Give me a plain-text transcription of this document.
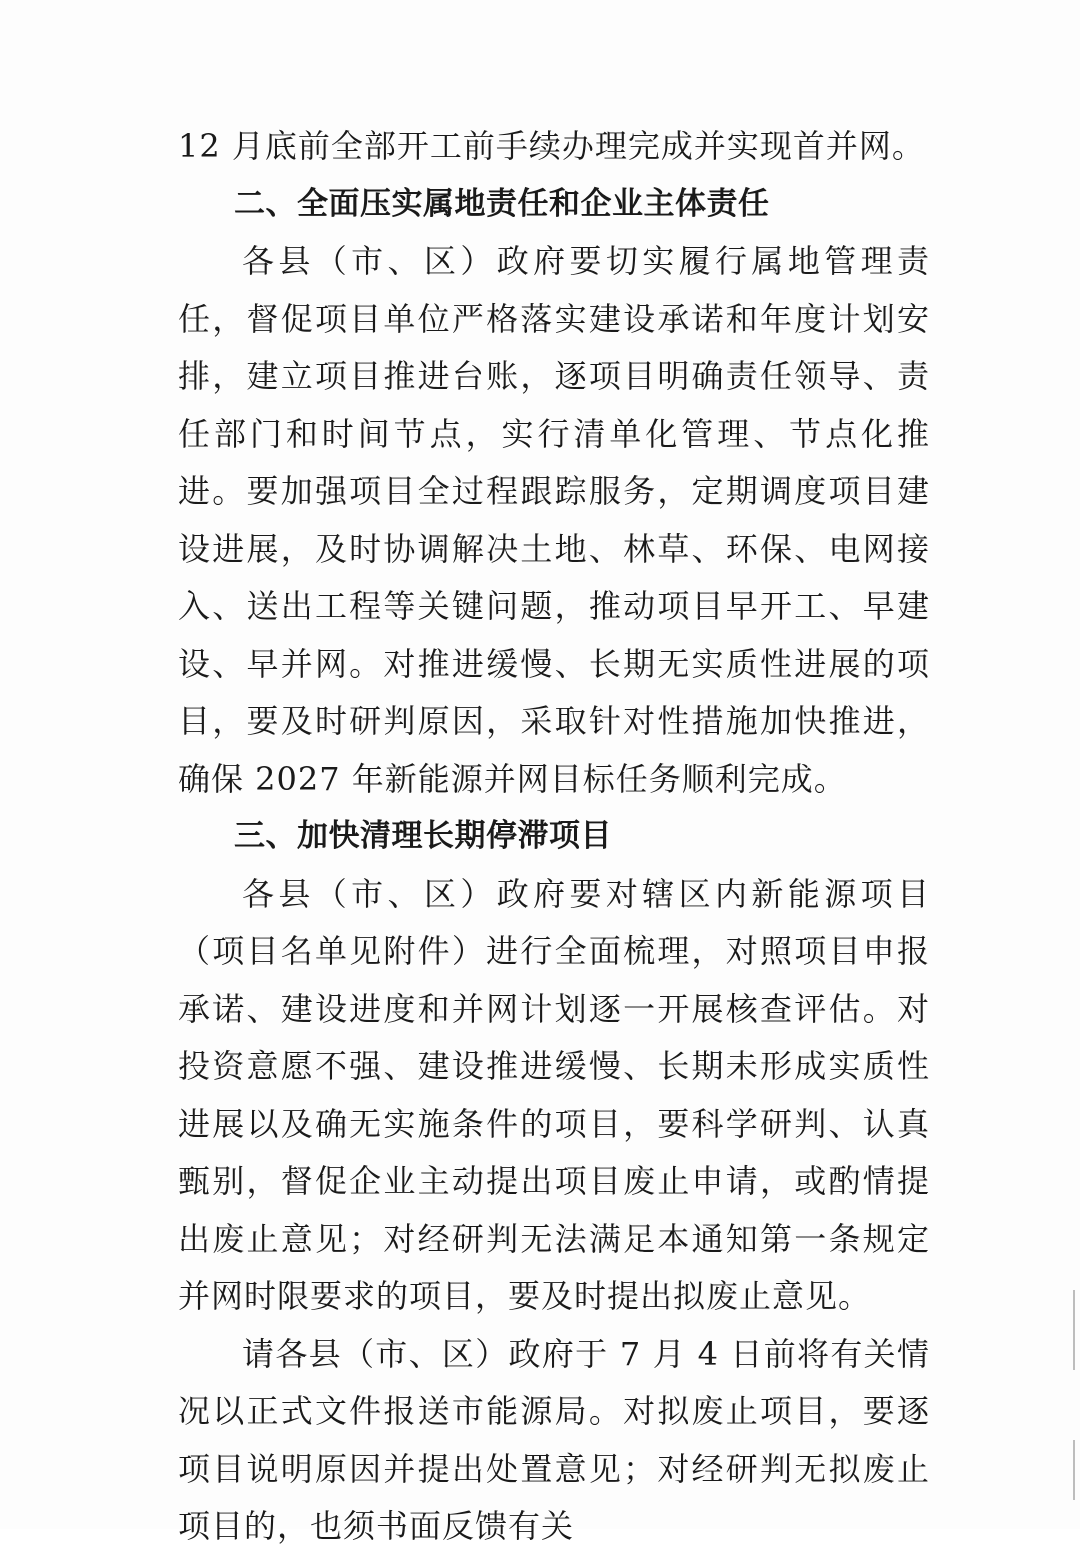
12 月底前全部开工前手续办理完成并实现首并网。

二、全面压实属地责任和企业主体责任

各县（市、区）政府要切实履行属地管理责任，督促项目单位严格落实建设承诺和年度计划安排，建立项目推进台账，逐项目明确责任领导、责任部门和时间节点，实行清单化管理、节点化推进。要加强项目全过程跟踪服务，定期调度项目建设进展，及时协调解决土地、林草、环保、电网接入、送出工程等关键问题，推动项目早开工、早建设、早并网。对推进缓慢、长期无实质性进展的项目，要及时研判原因，采取针对性措施加快推进，确保 2027 年新能源并网目标任务顺利完成。

三、加快清理长期停滞项目

各县（市、区）政府要对辖区内新能源项目（项目名单见附件）进行全面梳理，对照项目申报承诺、建设进度和并网计划逐一开展核查评估。对投资意愿不强、建设推进缓慢、长期未形成实质性进展以及确无实施条件的项目，要科学研判、认真甄别，督促企业主动提出项目废止申请，或酌情提出废止意见；对经研判无法满足本通知第一条规定并网时限要求的项目，要及时提出拟废止意见。

请各县（市、区）政府于 7 月 4 日前将有关情况以正式文件报送市能源局。对拟废止项目，要逐项目说明原因并提出处置意见；对经研判无拟废止项目的，也须书面反馈有关
